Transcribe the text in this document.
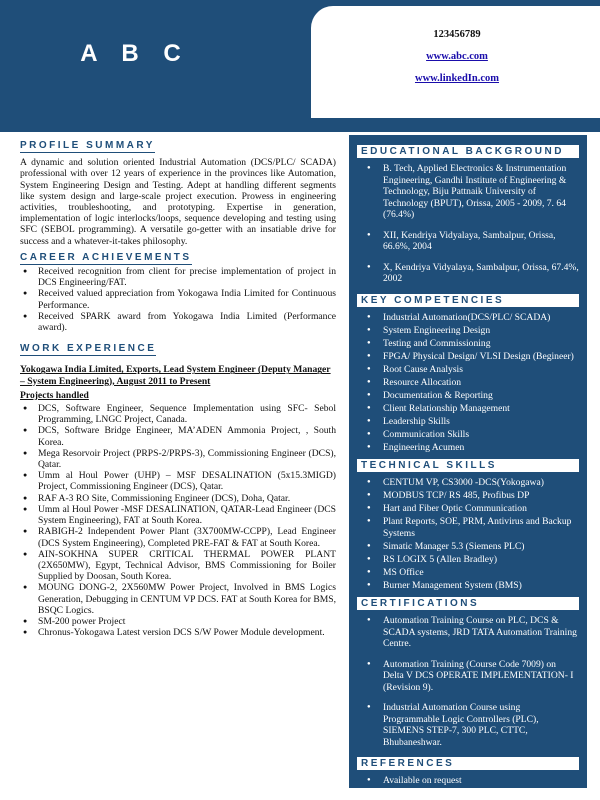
A B C
123456789
www.abc.com
www.linkedIn.com
PROFILE SUMMARY

A dynamic and solution oriented Industrial Automation (DCS/PLC/ SCADA) professional with over 12 years of experience in the provinces like Automation, System Engineering Design and Testing. Adept at handling different segments like system design and large-scale project execution. Prowess in engineering activities, troubleshooting, and prototyping. Expertise in generation, implementation of logic interlocks/loops, sequence developing and testing using SFC (SEBOL programming). A versatile go-getter with an insatiable drive for success and a whatever-it-takes philosophy.

CAREER ACHIEVEMENTS
● Received recognition from client for precise implementation of project in DCS Engineering/FAT.
● Received valued appreciation from Yokogawa India Limited for Continuous Performance.
● Received SPARK award from Yokogawa India Limited (Performance award).
WORK EXPERIENCE

Yokogawa India Limited, Exports, Lead System Engineer (Deputy Manager – System Engineering), August 2011 to Present

Projects handled

● DCS, Software Engineer, Sequence Implementation using SFC- Sebol Programming, LNGC Project, Canada.
● DCS, Software Bridge Engineer, MA’ADEN Ammonia Project, , South Korea.
● Mega Resorvoir Project (PRPS-2/PRPS-3), Commissioning Engineer (DCS), Qatar.
● Umm al Houl Power (UHP) – MSF DESALINATION (5x15.3MIGD) Project, Commissioning Engineer (DCS), Qatar.
● RAF A-3 RO Site, Commissioning Engineer (DCS), Doha, Qatar.
● Umm al Houl Power -MSF DESALINATION, QATAR-Lead Engineer (DCS System Engineering), FAT at South Korea.
● RABIGH-2 Independent Power Plant (3X700MW-CCPP), Lead Engineer (DCS System Engineering), Completed PRE-FAT & FAT at South Korea.
● AIN-SOKHNA SUPER CRITICAL THERMAL POWER PLANT (2X650MW), Egypt, Technical Advisor, BMS Commissioning for Boiler Supplied by Doosan, South Korea.
● MOUNG DONG-2, 2X560MW Power Project, Involved in BMS Logics Generation, Debugging in CENTUM VP DCS. FAT at South Korea for BMS, BSQC Logics.
● SM-200 power Project
● Chronus-Yokogawa Latest version DCS S/W Power Module development.
EDUCATIONAL BACKGROUND
● B. Tech, Applied Electronics & Instrumentation Engineering, Gandhi Institute of Engineering & Technology, Biju Pattnaik University of Technology (BPUT), Orissa, 2005 - 2009, 7. 64 (76.4%)
● XII, Kendriya Vidyalaya, Sambalpur, Orissa, 66.6%, 2004
● X, Kendriya Vidyalaya, Sambalpur, Orissa, 67.4%, 2002
KEY COMPETENCIES
● Industrial Automation(DCS/PLC/ SCADA)
● System Engineering Design
● Testing and Commissioning
● FPGA/ Physical Design/ VLSI Design (Begineer)
● Root Cause Analysis
● Resource Allocation
● Documentation & Reporting
● Client Relationship Management
● Leadership Skills
● Communication Skills
● Engineering Acumen
TECHNICAL SKILLS
● CENTUM VP, CS3000 -DCS(Yokogawa)
● MODBUS TCP/ RS 485, Profibus DP
● Hart and Fiber Optic Communication
● Plant Reports, SOE, PRM, Antivirus and Backup Systems
● Simatic Manager 5.3 (Siemens PLC)
● RS LOGIX 5 (Allen Bradley)
● MS Office
● Burner Management System (BMS)
CERTIFICATIONS
● Automation Training Course on PLC, DCS & SCADA systems, JRD TATA Automation Training Centre.
● Automation Training (Course Code 7009) on Delta V DCS OPERATE IMPLEMENTATION- I (Revision 9).
● Industrial Automation Course using Programmable Logic Controllers (PLC), SIEMENS STEP-7, 300 PLC, CTTC, Bhubaneshwar.
REFERENCES
● Available on request
